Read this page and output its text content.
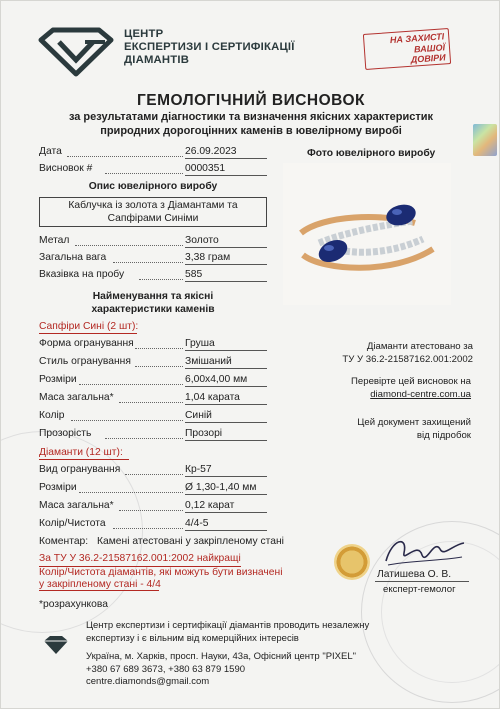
ЦЕНТР
ЕКСПЕРТИЗИ І СЕРТИФІКАЦІЇ
ДІАМАНТІВ
НА ЗАХИСТІ
ВАШОЇ
ДОВІРИ
ГЕМОЛОГІЧНИЙ ВИСНОВОК
за результатами діагностики та визначення якісних характеристик
природних дорогоцінних каменів в ювелірному виробі
Дата	26.09.2023
Висновок #	0000351
Фото ювелірного виробу
Опис ювелірного виробу
Каблучка із золота з Діамантами та
Сапфірами Синіми
Метал	Золото
Загальна вага	3,38 грам
Вказівка на пробу	585
Найменування та якісні
характеристики каменів
Сапфіри Сині (2 шт):
Форма огранування	Груша
Стиль огранування	Змішаний
Розміри	6,00х4,00 мм
Маса загальна*	1,04 карата
Колір	Синій
Прозорість	Прозорі
Діаманти (12 шт):
Вид огранування	Кр-57
Розміри	Ø 1,30-1,40 мм
Маса загальна*	0,12 карат
Колір/Чистота	4/4-5
Коментар: Камені атестовані у закріпленому стані
За ТУ У 36.2-21587162.001:2002 найкращі
Колір/Чистота діамантів, які можуть бути визначені
у закріпленому стані - 4/4
*розрахункова
Діаманти атестовано за
ТУ У 36.2-21587162.001:2002
Перевірте цей висновок на
diamond-centre.com.ua
Цей документ захищений
від підробок
Латишева О. В.
експерт-гемолог
Центр експертизи і сертифікації діамантів проводить незалежну
експертизу і є вільним від комерційних інтересів
Україна, м. Харків, просп. Науки, 43а, Офісний центр "PIXEL"
+380 67 689 3673, +380 63 879 1590
centre.diamonds@gmail.com
